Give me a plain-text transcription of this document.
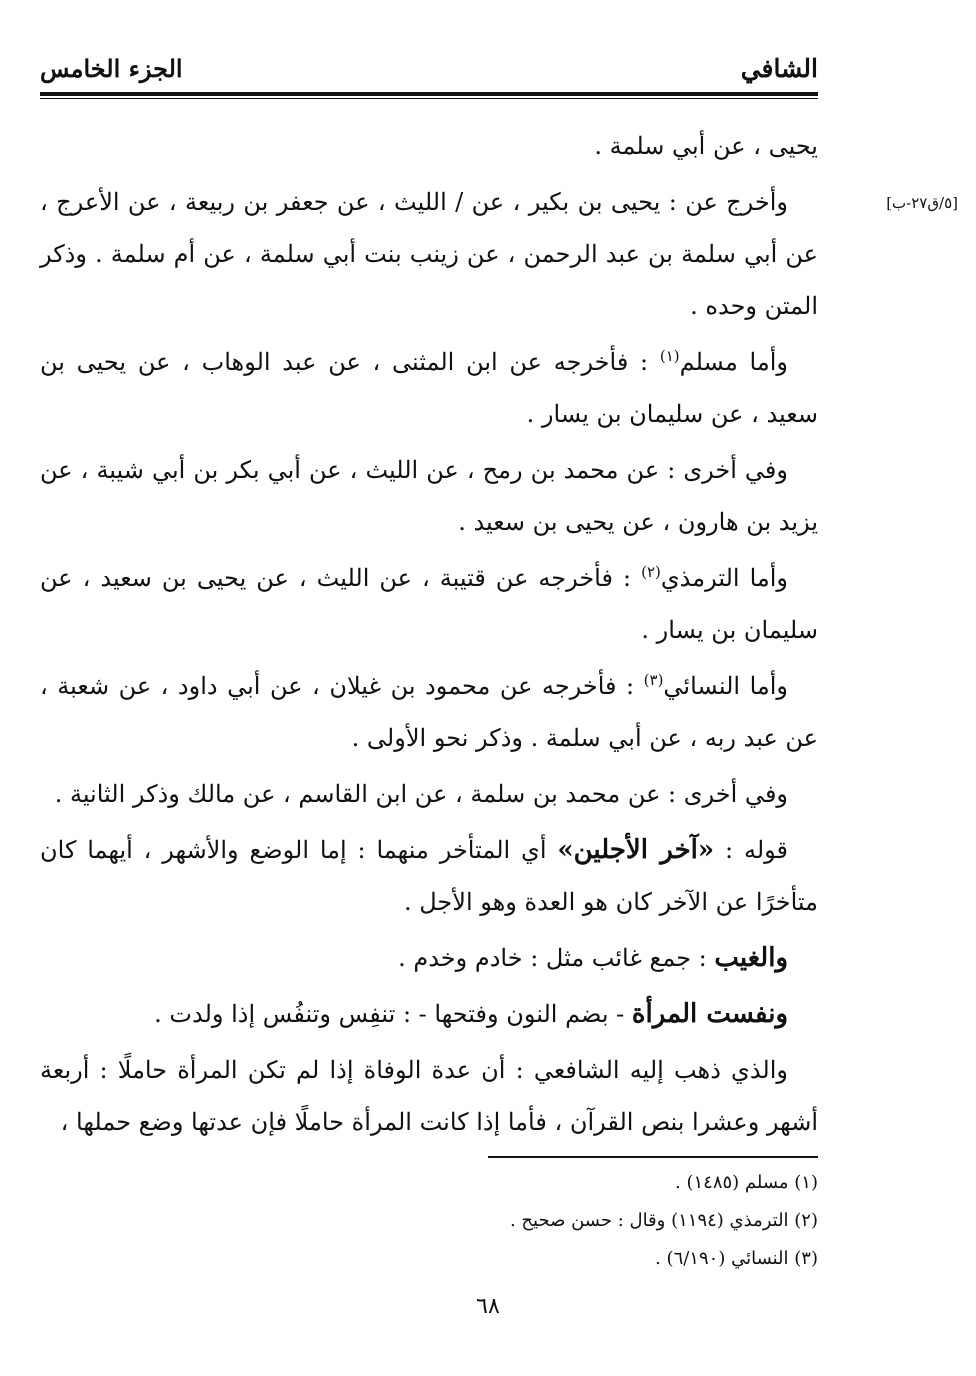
الشافي
الجزء الخامس
[٥/ق٢٧-ب]

يحيى ، عن أبي سلمة .

وأخرج عن : يحيى بن بكير ، عن / الليث ، عن جعفر بن ربيعة ، عن الأعرج ، عن أبي سلمة بن عبد الرحمن ، عن زينب بنت أبي سلمة ، عن أم سلمة . وذكر المتن وحده .

وأما مسلم$^{(١)}$ : فأخرجه عن ابن المثنى ، عن عبد الوهاب ، عن يحيى بن سعيد ، عن سليمان بن يسار .

وفي أخرى : عن محمد بن رمح ، عن الليث ، عن أبي بكر بن أبي شيبة ، عن يزيد بن هارون ، عن يحيى بن سعيد .

وأما الترمذي$^{(٢)}$ : فأخرجه عن قتيبة ، عن الليث ، عن يحيى بن سعيد ، عن سليمان بن يسار .

وأما النسائي$^{(٣)}$ : فأخرجه عن محمود بن غيلان ، عن أبي داود ، عن شعبة ، عن عبد ربه ، عن أبي سلمة . وذكر نحو الأولى .

وفي أخرى : عن محمد بن سلمة ، عن ابن القاسم ، عن مالك وذكر الثانية .

قوله : «آخر الأجلين» أي المتأخر منهما : إما الوضع والأشهر ، أيهما كان متأخرًا عن الآخر كان هو العدة وهو الأجل .

والغيب : جمع غائب مثل : خادم وخدم .

ونفست المرأة - بضم النون وفتحها - : تنفِس وتنفُس إذا ولدت .

والذي ذهب إليه الشافعي : أن عدة الوفاة إذا لم تكن المرأة حاملًا : أربعة أشهر وعشرا بنص القرآن ، فأما إذا كانت المرأة حاملًا فإن عدتها وضع حملها ،

(١) مسلم (١٤٨٥) .
(٢) الترمذي (١١٩٤) وقال : حسن صحيح .
(٣) النسائي (٦/١٩٠) .
٦٨
